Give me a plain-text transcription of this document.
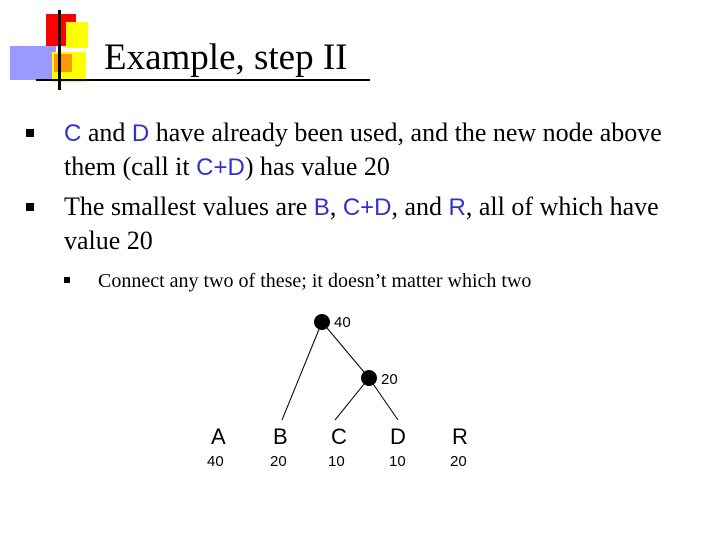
Example, step II
C and D have already been used, and the new node above them (call it C+D) has value 20
The smallest values are B, C+D, and R, all of which have value 20
Connect any two of these; it doesn’t matter which two
40
20
A B C D R
40	20	10	10	20
